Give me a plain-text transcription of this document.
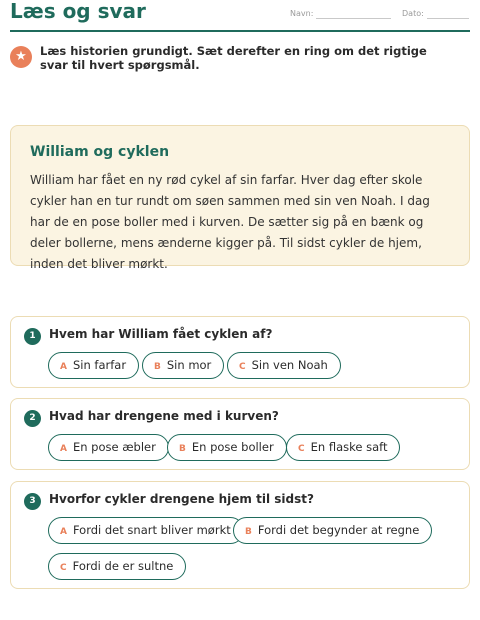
Læs og svar	Navn:	Dato:
★	Læs historien grundigt. Sæt derefter en ring om det rigtige svar til hvert spørgsmål.
William og cyklen
William har fået en ny rød cykel af sin farfar. Hver dag efter skole cykler han en tur rundt om søen sammen med sin ven Noah. I dag har de en pose boller med i kurven. De sætter sig på en bænk og deler bollerne, mens ænderne kigger på. Til sidst cykler de hjem, inden det bliver mørkt.
1	Hvem har William fået cyklen af?
A Sin farfar	B Sin mor	C Sin ven Noah
2	Hvad har drengene med i kurven?
A En pose æbler	B En pose boller	C En flaske saft
3	Hvorfor cykler drengene hjem til sidst?
A Fordi det snart bliver mørkt	B Fordi det begynder at regne
C Fordi de er sultne
